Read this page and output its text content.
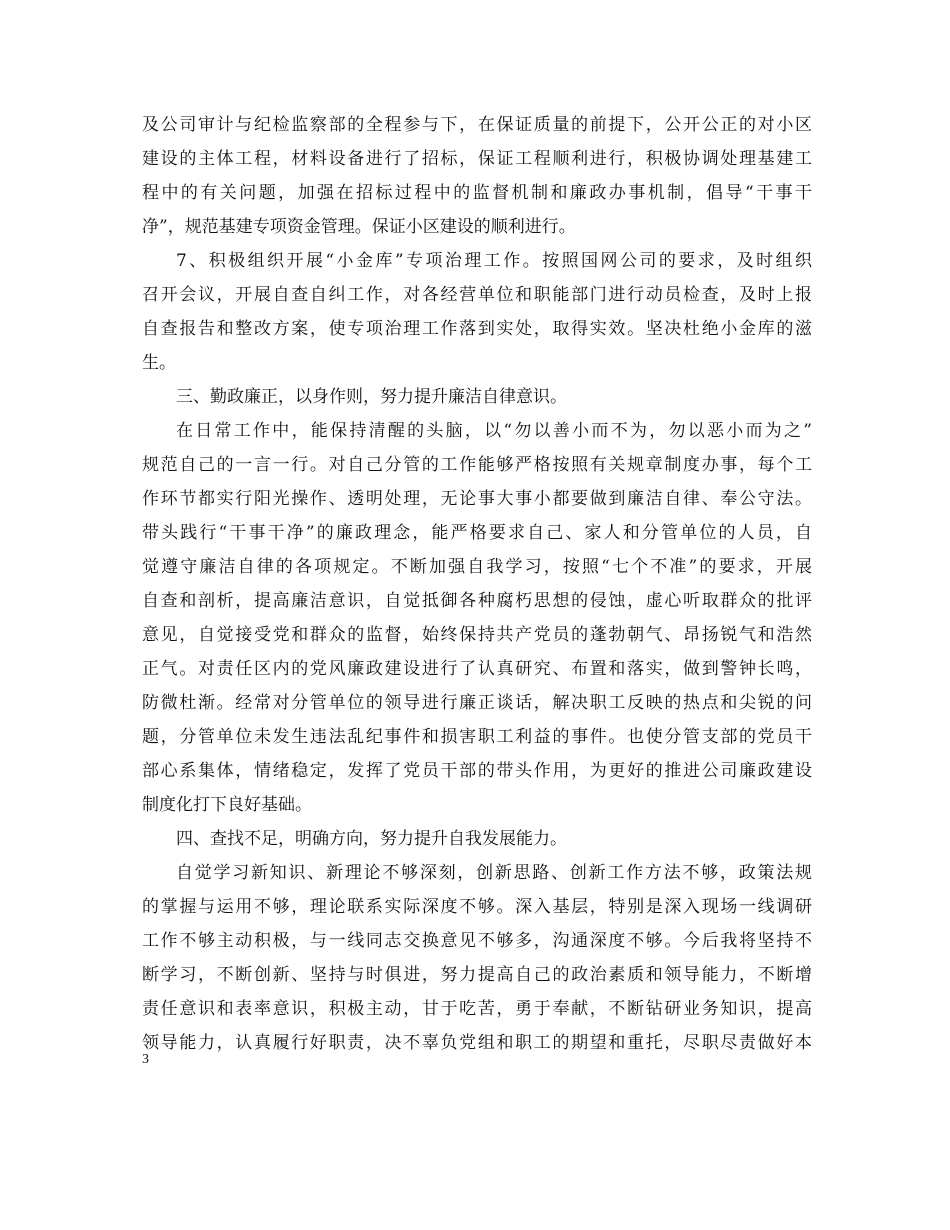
及公司审计与纪检监察部的全程参与下，在保证质量的前提下，公开公正的对小区
建设的主体工程，材料设备进行了招标，保证工程顺利进行，积极协调处理基建工
程中的有关问题，加强在招标过程中的监督机制和廉政办事机制，倡导“干事干
净”，规范基建专项资金管理。保证小区建设的顺利进行。
7、积极组织开展“小金库”专项治理工作。按照国网公司的要求，及时组织
召开会议，开展自查自纠工作，对各经营单位和职能部门进行动员检查，及时上报
自查报告和整改方案，使专项治理工作落到实处，取得实效。坚决杜绝小金库的滋
生。
三、勤政廉正，以身作则，努力提升廉洁自律意识。
在日常工作中，能保持清醒的头脑，以“勿以善小而不为，勿以恶小而为之”
规范自己的一言一行。对自己分管的工作能够严格按照有关规章制度办事，每个工
作环节都实行阳光操作、透明处理，无论事大事小都要做到廉洁自律、奉公守法。
带头践行“干事干净”的廉政理念，能严格要求自己、家人和分管单位的人员，自
觉遵守廉洁自律的各项规定。不断加强自我学习，按照“七个不准”的要求，开展
自查和剖析，提高廉洁意识，自觉抵御各种腐朽思想的侵蚀，虚心听取群众的批评
意见，自觉接受党和群众的监督，始终保持共产党员的蓬勃朝气、昂扬锐气和浩然
正气。对责任区内的党风廉政建设进行了认真研究、布置和落实，做到警钟长鸣，
防微杜渐。经常对分管单位的领导进行廉正谈话，解决职工反映的热点和尖锐的问
题，分管单位未发生违法乱纪事件和损害职工利益的事件。也使分管支部的党员干
部心系集体，情绪稳定，发挥了党员干部的带头作用，为更好的推进公司廉政建设
制度化打下良好基础。
四、查找不足，明确方向，努力提升自我发展能力。
自觉学习新知识、新理论不够深刻，创新思路、创新工作方法不够，政策法规
的掌握与运用不够，理论联系实际深度不够。深入基层，特别是深入现场一线调研
工作不够主动积极，与一线同志交换意见不够多，沟通深度不够。今后我将坚持不
断学习，不断创新、坚持与时俱进，努力提高自己的政治素质和领导能力，不断增
责任意识和表率意识，积极主动，甘于吃苦，勇于奉献，不断钻研业务知识，提高
领导能力，认真履行好职责，决不辜负党组和职工的期望和重托，尽职尽责做好本
3
